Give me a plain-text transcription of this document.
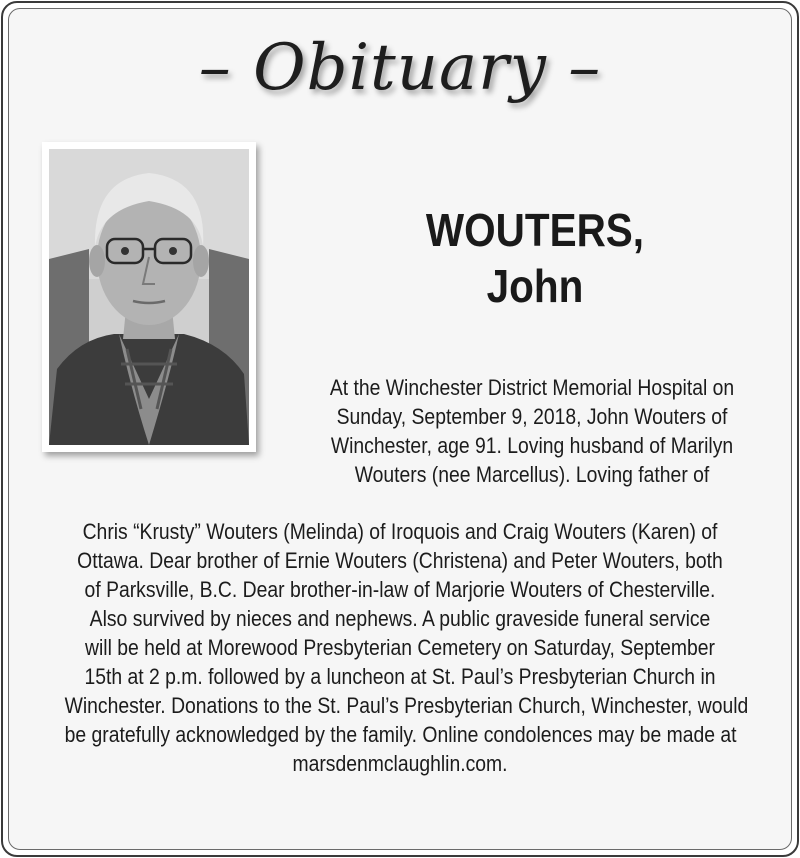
– Obituary –
WOUTERS,
John
At the Winchester District Memorial Hospital on
Sunday, September 9, 2018, John Wouters of
Winchester, age 91. Loving husband of Marilyn
Wouters (nee Marcellus). Loving father of
Chris “Krusty” Wouters (Melinda) of Iroquois and Craig Wouters (Karen) of
Ottawa. Dear brother of Ernie Wouters (Christena) and Peter Wouters, both
of Parksville, B.C. Dear brother-in-law of Marjorie Wouters of Chesterville.
Also survived by nieces and nephews. A public graveside funeral service
will be held at Morewood Presbyterian Cemetery on Saturday, September
15th at 2 p.m. followed by a luncheon at St. Paul’s Presbyterian Church in
Winchester. Donations to the St. Paul’s Presbyterian Church, Winchester, would
be gratefully acknowledged by the family. Online condolences may be made at
marsdenmclaughlin.com.
